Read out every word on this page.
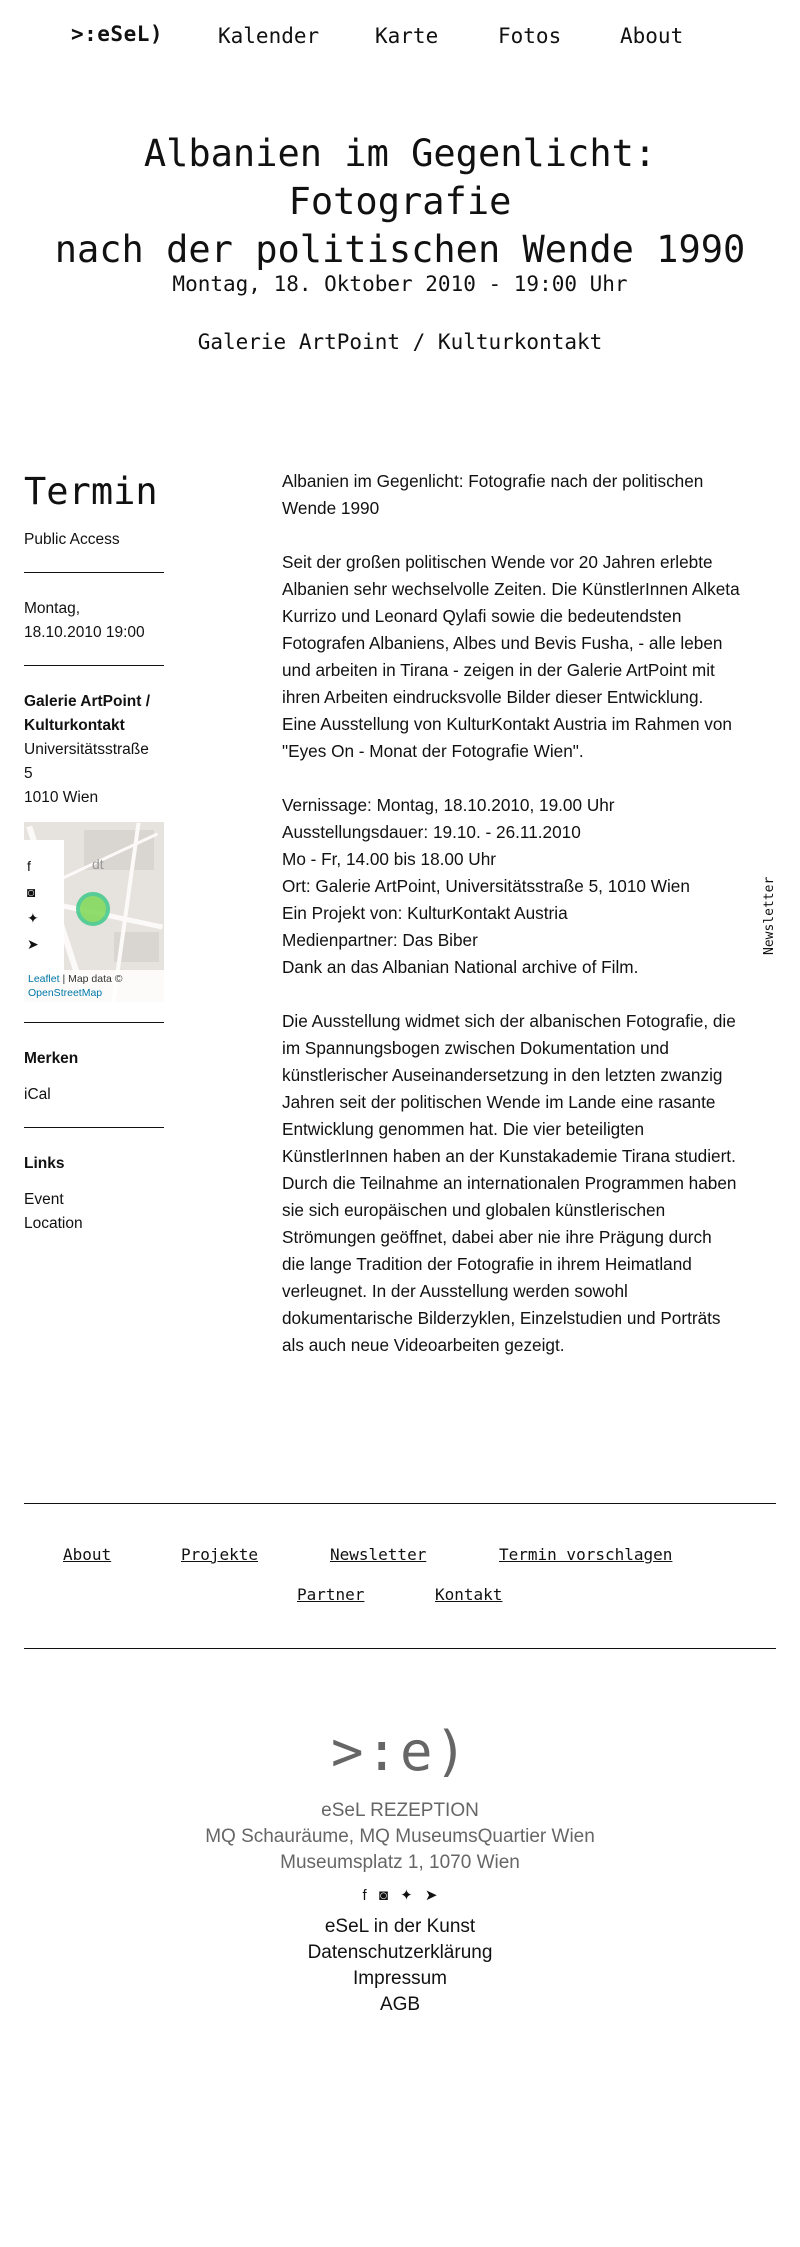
>:eSeL)	Kalender	Karte	Fotos	About
Albanien im Gegenlicht: Fotografie
nach der politischen Wende 1990
Montag, 18. Oktober 2010 - 19:00 Uhr
Galerie ArtPoint / Kulturkontakt
Termin
Public Access
Montag,
18.10.2010 19:00
Galerie ArtPoint /
Kulturkontakt
Universitätsstraße
5
1010 Wien
dt
f
◙
✦
➤
Leaflet | Map data ©
OpenStreetMap
Merken
iCal
Links
Event
Location
Albanien im Gegenlicht: Fotografie nach der politischen
Wende 1990
Seit der großen politischen Wende vor 20 Jahren erlebte
Albanien sehr wechselvolle Zeiten. Die KünstlerInnen Alketa
Kurrizo und Leonard Qylafi sowie die bedeutendsten
Fotografen Albaniens, Albes und Bevis Fusha, - alle leben
und arbeiten in Tirana - zeigen in der Galerie ArtPoint mit
ihren Arbeiten eindrucksvolle Bilder dieser Entwicklung.
Eine Ausstellung von KulturKontakt Austria im Rahmen von
"Eyes On - Monat der Fotografie Wien".
Vernissage: Montag, 18.10.2010, 19.00 Uhr
Ausstellungsdauer: 19.10. - 26.11.2010
Mo - Fr, 14.00 bis 18.00 Uhr
Ort: Galerie ArtPoint, Universitätsstraße 5, 1010 Wien
Ein Projekt von: KulturKontakt Austria
Medienpartner: Das Biber
Dank an das Albanian National archive of Film.
Die Ausstellung widmet sich der albanischen Fotografie, die
im Spannungsbogen zwischen Dokumentation und
künstlerischer Auseinandersetzung in den letzten zwanzig
Jahren seit der politischen Wende im Lande eine rasante
Entwicklung genommen hat. Die vier beteiligten
KünstlerInnen haben an der Kunstakademie Tirana studiert.
Durch die Teilnahme an internationalen Programmen haben
sie sich europäischen und globalen künstlerischen
Strömungen geöffnet, dabei aber nie ihre Prägung durch
die lange Tradition der Fotografie in ihrem Heimatland
verleugnet. In der Ausstellung werden sowohl
dokumentarische Bilderzyklen, Einzelstudien und Porträts
als auch neue Videoarbeiten gezeigt.
Newsletter
About	Projekte	Newsletter	Termin vorschlagen
Partner	Kontakt
>:e)
eSeL REZEPTION
MQ Schauräume, MQ MuseumsQuartier Wien
Museumsplatz 1, 1070 Wien
f ◙ ✦ ➤
eSeL in der Kunst
Datenschutzerklärung
Impressum
AGB
